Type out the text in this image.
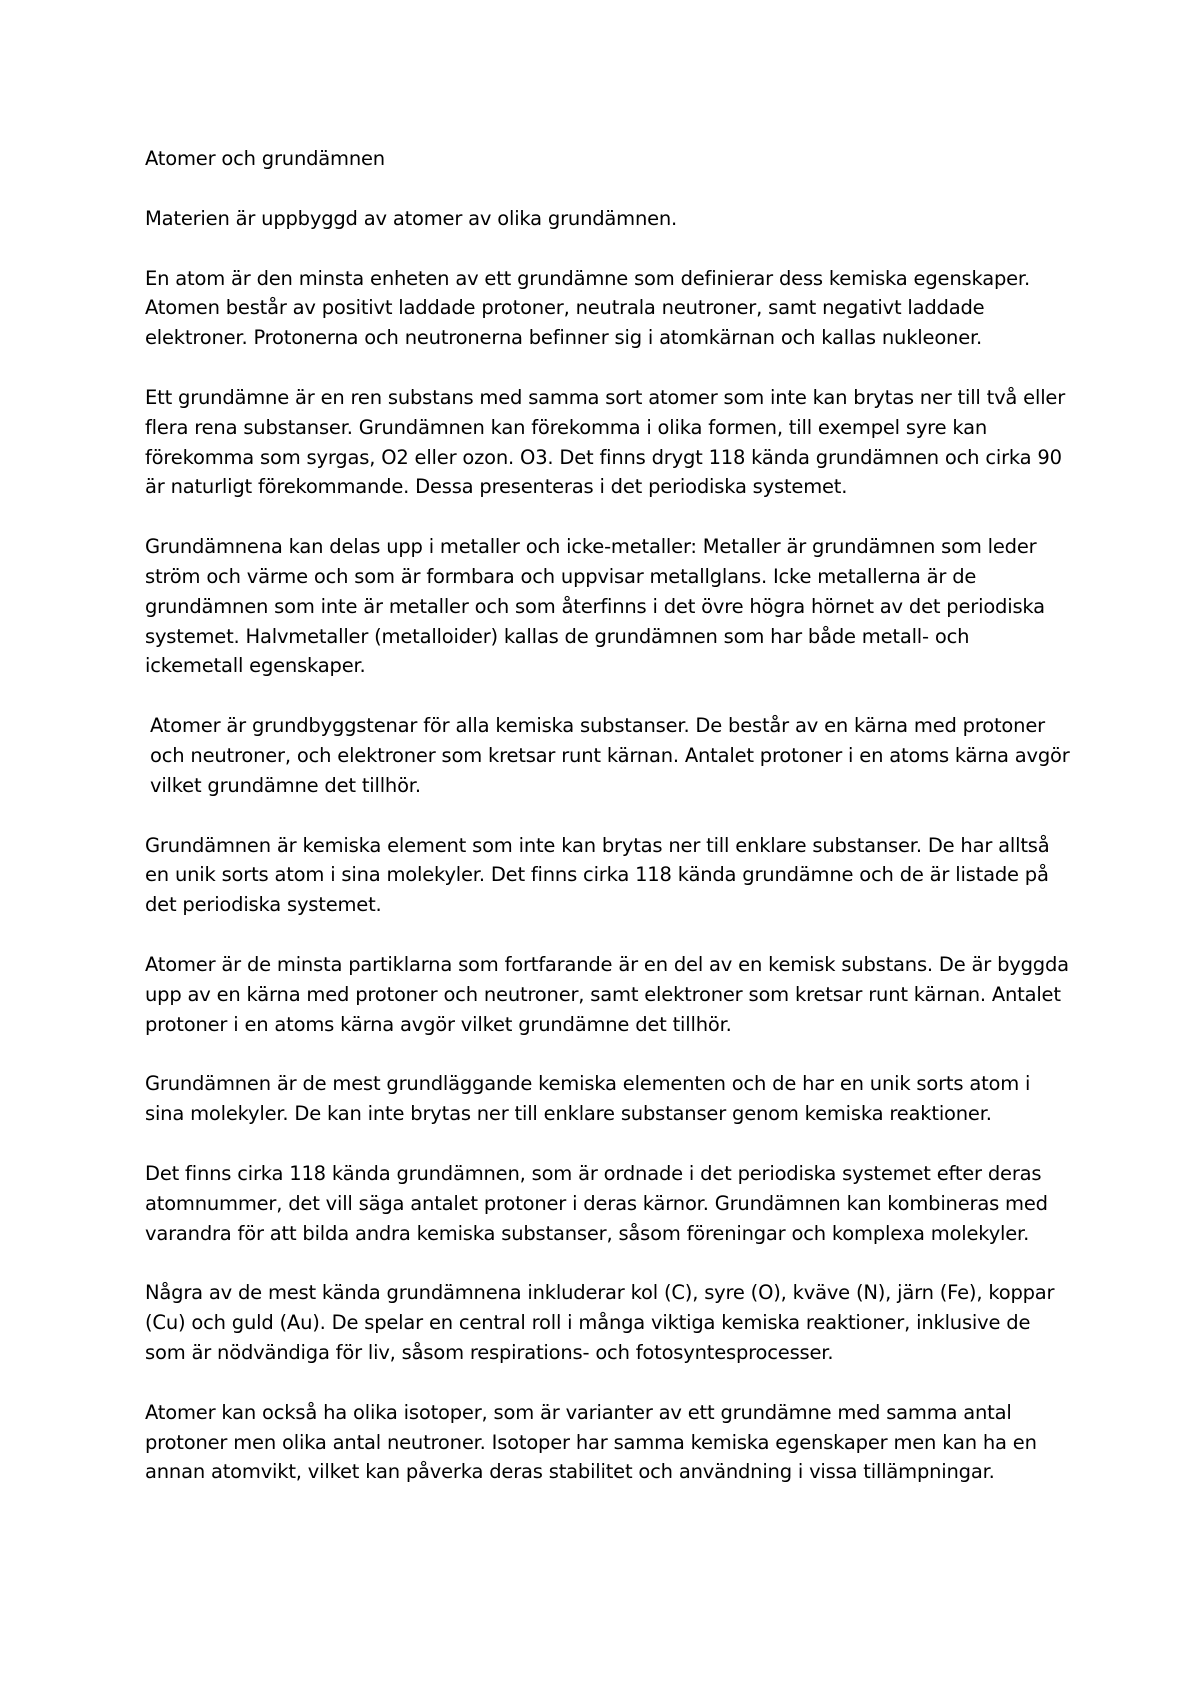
Atomer och grundämnen

Materien är uppbyggd av atomer av olika grundämnen.

En atom är den minsta enheten av ett grundämne som definierar dess kemiska egenskaper. Atomen består av positivt laddade protoner, neutrala neutroner, samt negativt laddade elektroner. Protonerna och neutronerna befinner sig i atomkärnan och kallas nukleoner.

Ett grundämne är en ren substans med samma sort atomer som inte kan brytas ner till två eller flera rena substanser. Grundämnen kan förekomma i olika formen, till exempel syre kan förekomma som syrgas, O2 eller ozon. O3. Det finns drygt 118 kända grundämnen och cirka 90 är naturligt förekommande. Dessa presenteras i det periodiska systemet.

Grundämnena kan delas upp i metaller och icke-metaller: Metaller är grundämnen som leder ström och värme och som är formbara och uppvisar metallglans. Icke metallerna är de grundämnen som inte är metaller och som återfinns i det övre högra hörnet av det periodiska systemet. Halvmetaller (metalloider) kallas de grundämnen som har både metall- och ickemetall egenskaper.

Atomer är grundbyggstenar för alla kemiska substanser. De består av en kärna med protoner och neutroner, och elektroner som kretsar runt kärnan. Antalet protoner i en atoms kärna avgör vilket grundämne det tillhör.

Grundämnen är kemiska element som inte kan brytas ner till enklare substanser. De har alltså en unik sorts atom i sina molekyler. Det finns cirka 118 kända grundämne och de är listade på det periodiska systemet.

Atomer är de minsta partiklarna som fortfarande är en del av en kemisk substans. De är byggda upp av en kärna med protoner och neutroner, samt elektroner som kretsar runt kärnan. Antalet protoner i en atoms kärna avgör vilket grundämne det tillhör.

Grundämnen är de mest grundläggande kemiska elementen och de har en unik sorts atom i sina molekyler. De kan inte brytas ner till enklare substanser genom kemiska reaktioner.

Det finns cirka 118 kända grundämnen, som är ordnade i det periodiska systemet efter deras atomnummer, det vill säga antalet protoner i deras kärnor. Grundämnen kan kombineras med varandra för att bilda andra kemiska substanser, såsom föreningar och komplexa molekyler.

Några av de mest kända grundämnena inkluderar kol (C), syre (O), kväve (N), järn (Fe), koppar (Cu) och guld (Au). De spelar en central roll i många viktiga kemiska reaktioner, inklusive de som är nödvändiga för liv, såsom respirations- och fotosyntesprocesser.

Atomer kan också ha olika isotoper, som är varianter av ett grundämne med samma antal protoner men olika antal neutroner. Isotoper har samma kemiska egenskaper men kan ha en annan atomvikt, vilket kan påverka deras stabilitet och användning i vissa tillämpningar.
